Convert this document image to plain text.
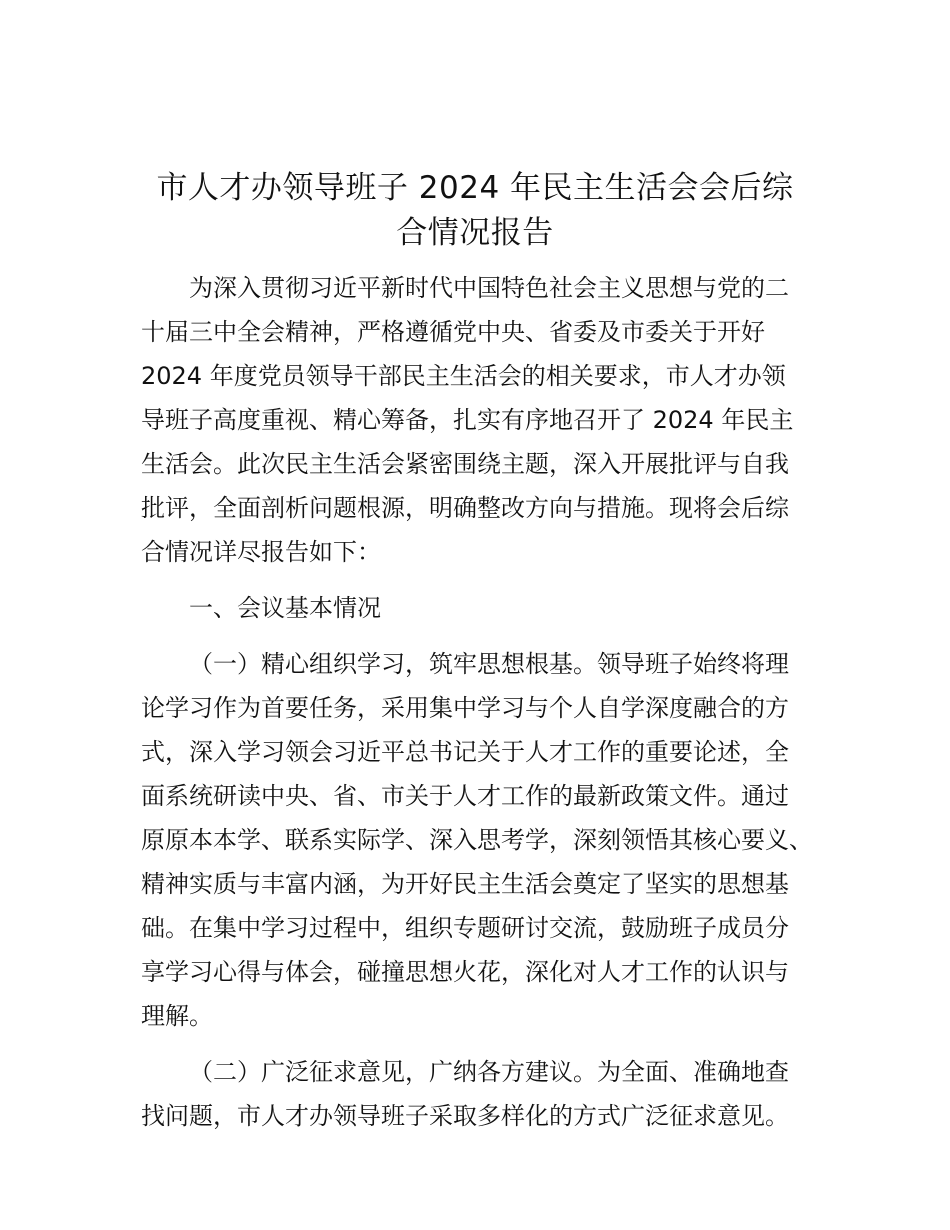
市人才办领导班子 2024 年民主生活会会后综
合情况报告
为深入贯彻习近平新时代中国特色社会主义思想与党的二
十届三中全会精神，严格遵循党中央、省委及市委关于开好
2024 年度党员领导干部民主生活会的相关要求，市人才办领
导班子高度重视、精心筹备，扎实有序地召开了 2024 年民主
生活会。此次民主生活会紧密围绕主题，深入开展批评与自我
批评，全面剖析问题根源，明确整改方向与措施。现将会后综
合情况详尽报告如下：
一、会议基本情况
（一）精心组织学习，筑牢思想根基。领导班子始终将理
论学习作为首要任务，采用集中学习与个人自学深度融合的方
式，深入学习领会习近平总书记关于人才工作的重要论述，全
面系统研读中央、省、市关于人才工作的最新政策文件。通过
原原本本学、联系实际学、深入思考学，深刻领悟其核心要义、
精神实质与丰富内涵，为开好民主生活会奠定了坚实的思想基
础。在集中学习过程中，组织专题研讨交流，鼓励班子成员分
享学习心得与体会，碰撞思想火花，深化对人才工作的认识与
理解。
（二）广泛征求意见，广纳各方建议。为全面、准确地查
找问题，市人才办领导班子采取多样化的方式广泛征求意见。
